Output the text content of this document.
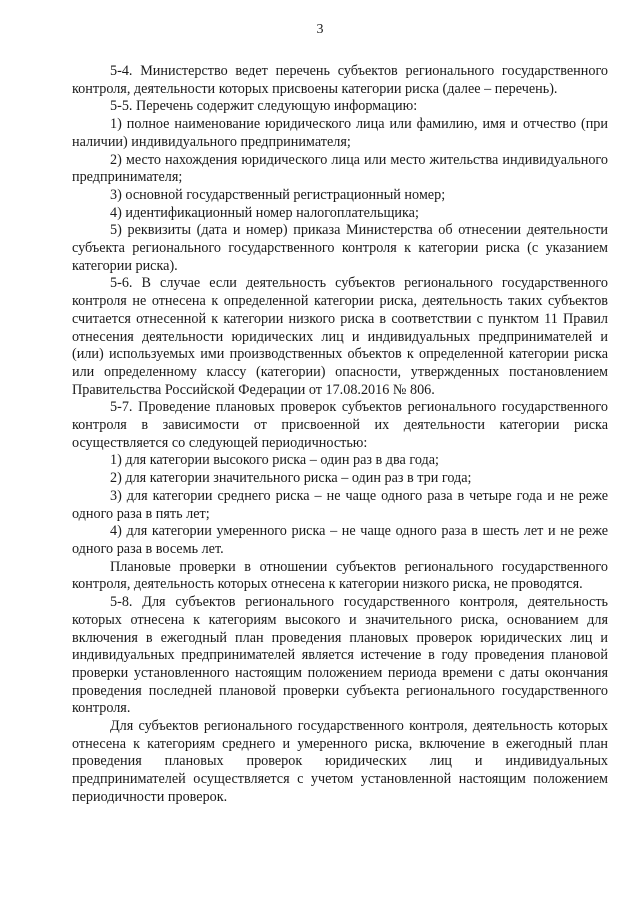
3

5-4. Министерство ведет перечень субъектов регионального государственного контроля, деятельности которых присвоены категории риска (далее – перечень).

5-5. Перечень содержит следующую информацию:

1) полное наименование юридического лица или фамилию, имя и отчество (при наличии) индивидуального предпринимателя;

2) место нахождения юридического лица или место жительства индивидуального предпринимателя;

3) основной государственный регистрационный номер;

4) идентификационный номер налогоплательщика;

5) реквизиты (дата и номер) приказа Министерства об отнесении деятельности субъекта регионального государственного контроля к категории риска (с указанием категории риска).

5-6. В случае если деятельность субъектов регионального государственного контроля не отнесена к определенной категории риска, деятельность таких субъектов считается отнесенной к категории низкого риска в соответствии с пунктом 11 Правил отнесения деятельности юридических лиц и индивидуальных предпринимателей и (или) используемых ими производственных объектов к определенной категории риска или определенному классу (категории) опасности, утвержденных постановлением Правительства Российской Федерации от 17.08.2016 № 806.

5-7. Проведение плановых проверок субъектов регионального государственного контроля в зависимости от присвоенной их деятельности категории риска осуществляется со следующей периодичностью:

1) для категории высокого риска – один раз в два года;

2) для категории значительного риска – один раз в три года;

3) для категории среднего риска – не чаще одного раза в четыре года и не реже одного раза в пять лет;

4) для категории умеренного риска – не чаще одного раза в шесть лет и не реже одного раза в восемь лет.

Плановые проверки в отношении субъектов регионального государственного контроля, деятельность которых отнесена к категории низкого риска, не проводятся.

5-8. Для субъектов регионального государственного контроля, деятельность которых отнесена к категориям высокого и значительного риска, основанием для включения в ежегодный план проведения плановых проверок юридических лиц и индивидуальных предпринимателей является истечение в году проведения плановой проверки установленного настоящим положением периода времени с даты окончания проведения последней плановой проверки субъекта регионального государственного контроля.

Для субъектов регионального государственного контроля, деятельность которых отнесена к категориям среднего и умеренного риска, включение в ежегодный план проведения плановых проверок юридических лиц и индивидуальных предпринимателей осуществляется с учетом установленной настоящим положением периодичности проверок.
